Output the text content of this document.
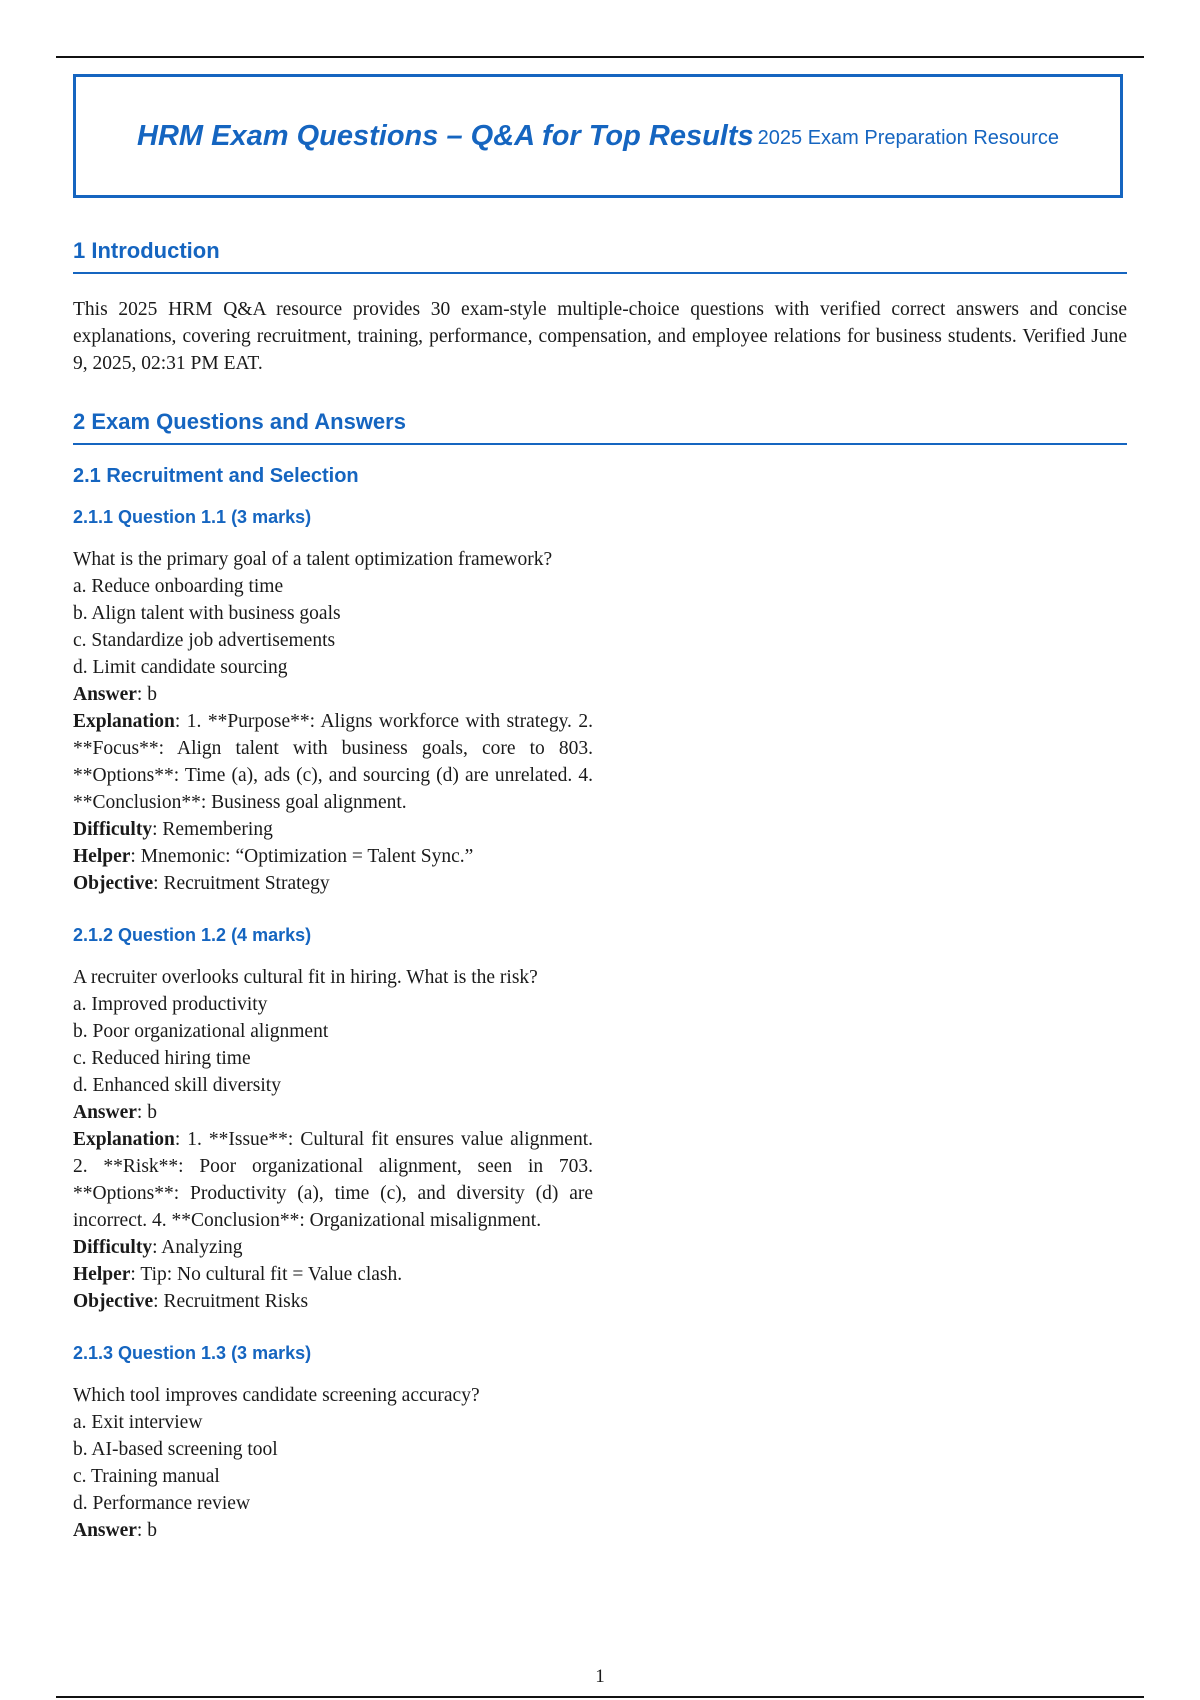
HRM Exam Questions – Q&A for Top Results 2025 Exam Preparation Resource
1 Introduction

This 2025 HRM Q&A resource provides 30 exam-style multiple-choice questions with verified correct answers and concise explanations, covering recruitment, training, performance, compensation, and employee relations for business students. Verified June 9, 2025, 02:31 PM EAT.

2 Exam Questions and Answers
2.1 Recruitment and Selection
2.1.1 Question 1.1 (3 marks)

What is the primary goal of a talent optimization framework?

a. Reduce onboarding time

b. Align talent with business goals

c. Standardize job advertisements

d. Limit candidate sourcing

Answer: b

Explanation: 1. **Purpose**: Aligns workforce with strategy. 2. **Focus**: Align talent with business goals, core to 803. **Options**: Time (a), ads (c), and sourcing (d) are unrelated. 4. **Conclusion**: Business goal alignment.

Difficulty: Remembering

Helper: Mnemonic: “Optimization = Talent Sync.”

Objective: Recruitment Strategy

2.1.2 Question 1.2 (4 marks)

A recruiter overlooks cultural fit in hiring. What is the risk?

a. Improved productivity

b. Poor organizational alignment

c. Reduced hiring time

d. Enhanced skill diversity

Answer: b

Explanation: 1. **Issue**: Cultural fit ensures value alignment. 2. **Risk**: Poor organizational alignment, seen in 703. **Options**: Productivity (a), time (c), and diversity (d) are incorrect. 4. **Conclusion**: Organizational misalignment.

Difficulty: Analyzing

Helper: Tip: No cultural fit = Value clash.

Objective: Recruitment Risks

2.1.3 Question 1.3 (3 marks)

Which tool improves candidate screening accuracy?

a. Exit interview

b. AI-based screening tool

c. Training manual

d. Performance review

Answer: b

1
